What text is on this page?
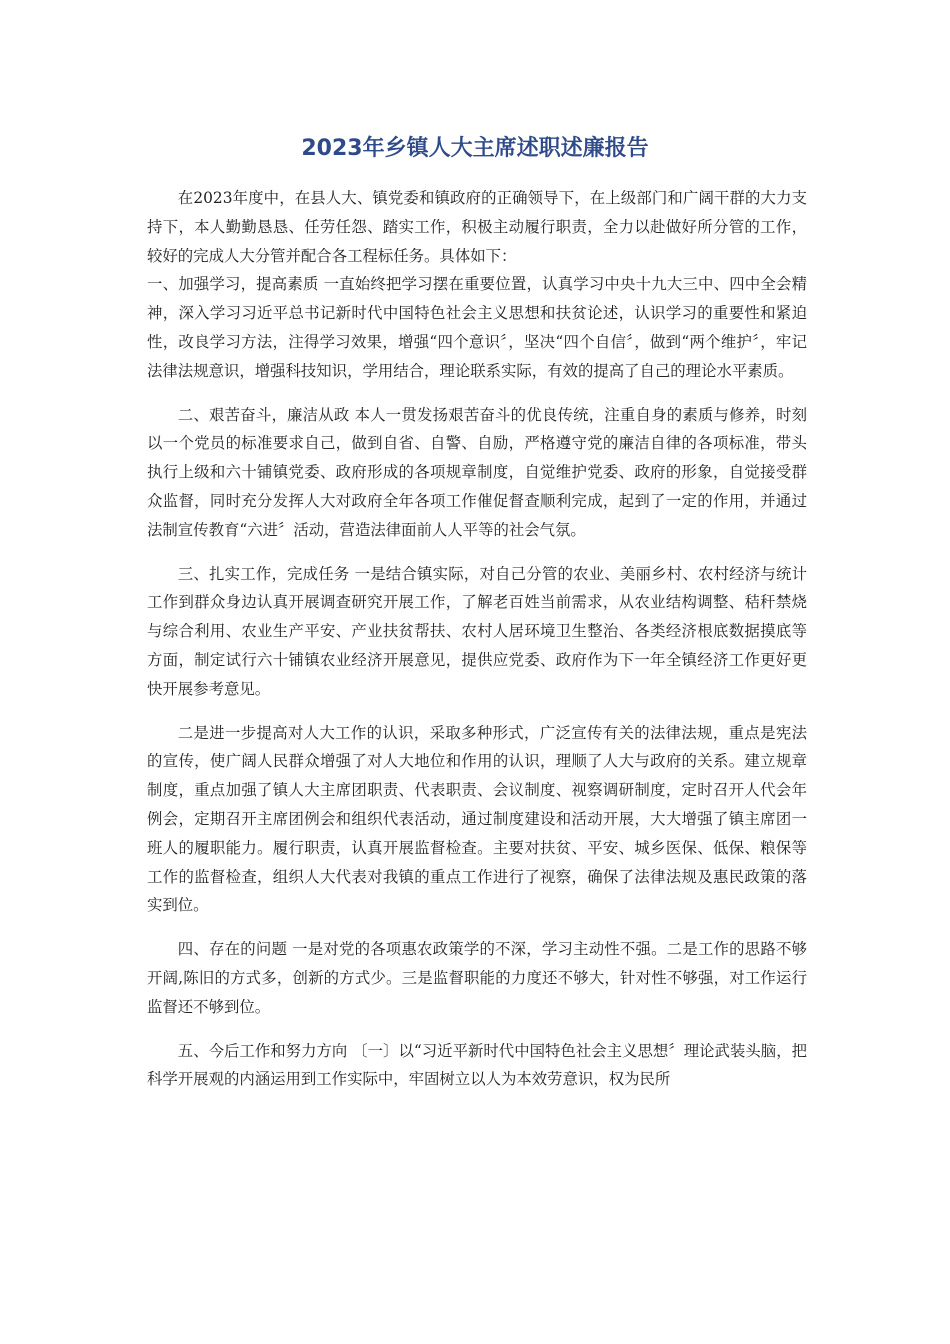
2023年乡镇人大主席述职述廉报告

在2023年度中，在县人大、镇党委和镇政府的正确领导下，在上级部门和广阔干群的大力支持下，本人勤勤恳恳、任劳任怨、踏实工作，积极主动履行职责，全力以赴做好所分管的工作，较好的完成人大分管并配合各工程标任务。具体如下：

一、加强学习，提高素质 一直始终把学习摆在重要位置，认真学习中央十九大三中、四中全会精神，深入学习习近平总书记新时代中国特色社会主义思想和扶贫论述，认识学习的重要性和紧迫性，改良学习方法，注得学习效果，增强“四个意识〞，坚决“四个自信〞，做到“两个维护〞，牢记法律法规意识，增强科技知识，学用结合，理论联系实际，有效的提高了自己的理论水平素质。

二、艰苦奋斗，廉洁从政 本人一贯发扬艰苦奋斗的优良传统，注重自身的素质与修养，时刻以一个党员的标准要求自己，做到自省、自警、自励，严格遵守党的廉洁自律的各项标准，带头执行上级和六十铺镇党委、政府形成的各项规章制度，自觉维护党委、政府的形象，自觉接受群众监督，同时充分发挥人大对政府全年各项工作催促督查顺利完成，起到了一定的作用，并通过法制宣传教育“六进〞活动，营造法律面前人人平等的社会气氛。

三、扎实工作，完成任务 一是结合镇实际，对自己分管的农业、美丽乡村、农村经济与统计工作到群众身边认真开展调查研究开展工作，了解老百姓当前需求，从农业结构调整、秸秆禁烧与综合利用、农业生产平安、产业扶贫帮扶、农村人居环境卫生整治、各类经济根底数据摸底等方面，制定试行六十铺镇农业经济开展意见，提供应党委、政府作为下一年全镇经济工作更好更快开展参考意见。

二是进一步提高对人大工作的认识，采取多种形式，广泛宣传有关的法律法规，重点是宪法的宣传，使广阔人民群众增强了对人大地位和作用的认识，理顺了人大与政府的关系。建立规章制度，重点加强了镇人大主席团职责、代表职责、会议制度、视察调研制度，定时召开人代会年例会，定期召开主席团例会和组织代表活动，通过制度建设和活动开展，大大增强了镇主席团一班人的履职能力。履行职责，认真开展监督检查。主要对扶贫、平安、城乡医保、低保、粮保等工作的监督检查，组织人大代表对我镇的重点工作进行了视察，确保了法律法规及惠民政策的落实到位。

四、存在的问题 一是对党的各项惠农政策学的不深，学习主动性不强。二是工作的思路不够开阔,陈旧的方式多，创新的方式少。三是监督职能的力度还不够大，针对性不够强，对工作运行监督还不够到位。

五、今后工作和努力方向 〔一〕以“习近平新时代中国特色社会主义思想〞理论武装头脑，把科学开展观的内涵运用到工作实际中，牢固树立以人为本效劳意识，权为民所
